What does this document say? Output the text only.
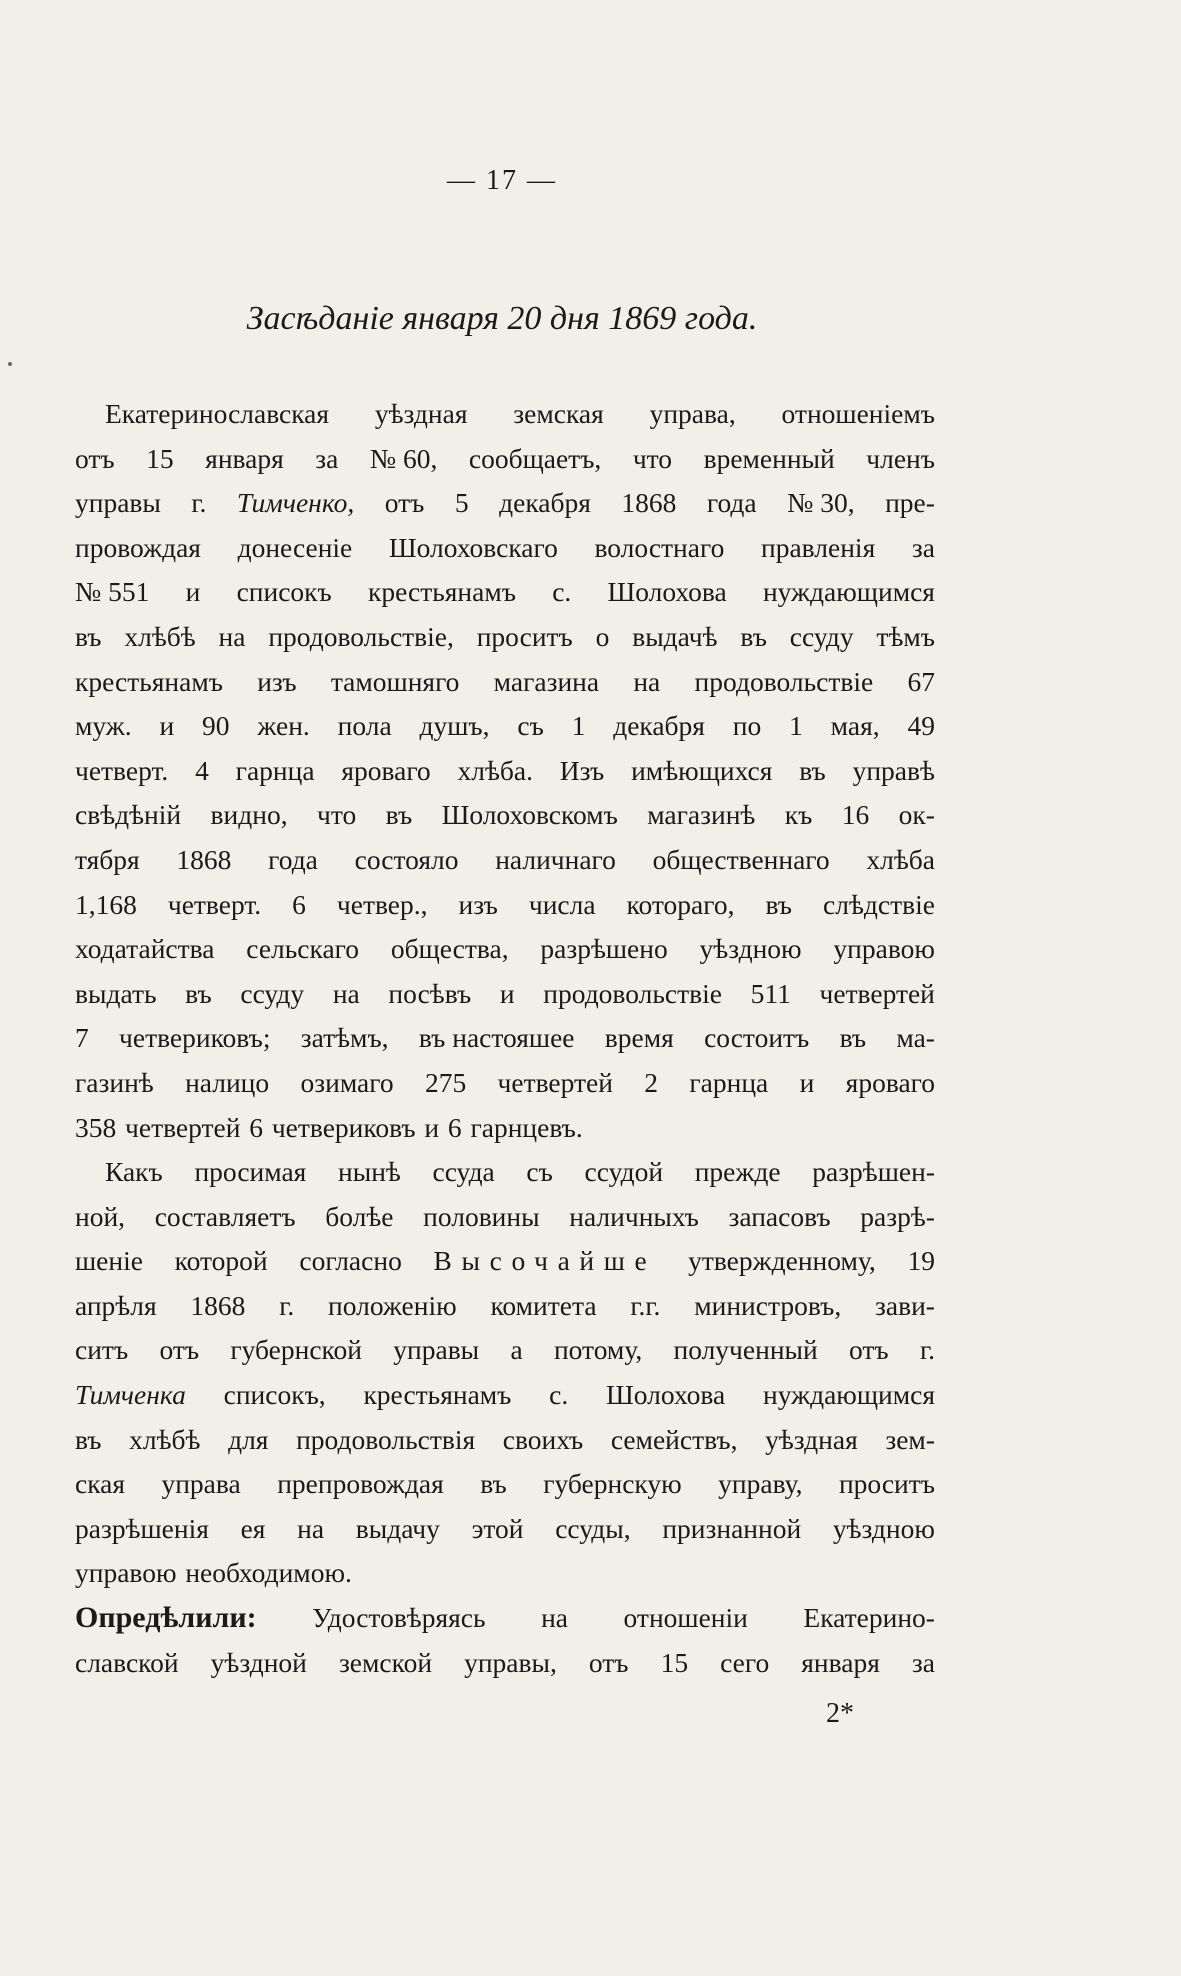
— 17 —
Засѣданіе января 20 дня 1869 года.
Екатеринославская уѣздная земская управа, отношеніемъ
отъ 15 января за № 60, сообщаетъ, что временный членъ
управы г. Тимченко, отъ 5 декабря 1868 года № 30, пре-
провождая донесеніе Шолоховскаго волостнаго правленія за
№ 551 и списокъ крестьянамъ с. Шолохова нуждающимся
въ хлѣбѣ на продовольствіе, проситъ о выдачѣ въ ссуду тѣмъ
крестьянамъ изъ тамошняго магазина на продовольствіе 67
муж. и 90 жен. пола душъ, съ 1 декабря по 1 мая, 49
четверт. 4 гарнца яроваго хлѣба. Изъ имѣющихся въ управѣ
свѣдѣній видно, что въ Шолоховскомъ магазинѣ къ 16 ок-
тября 1868 года состояло наличнаго общественнаго хлѣба
1,168 четверт. 6 четвер., изъ числа котораго, въ слѣдствіе
ходатайства сельскаго общества, разрѣшено уѣздною управою
выдать въ ссуду на посѣвъ и продовольствіе 511 четвертей
7 четвериковъ; затѣмъ, въ настояшее время состоитъ въ ма-
газинѣ налицо озимаго 275 четвертей 2 гарнца и яроваго
358 четвертей 6 четвериковъ и 6 гарнцевъ.
Какъ просимая нынѣ ссуда съ ссудой прежде разрѣшен-
ной, составляетъ болѣе половины наличныхъ запасовъ разрѣ-
шеніе которой согласно Высочайше утвержденному, 19
апрѣля 1868 г. положенію комитета г.г. министровъ, зави-
ситъ отъ губернской управы а потому, полученный отъ г.
Тимченка списокъ, крестьянамъ с. Шолохова нуждающимся
въ хлѣбѣ для продовольствія своихъ семействъ, уѣздная зем-
ская управа препровождая въ губернскую управу, проситъ
разрѣшенія ея на выдачу этой ссуды, признанной уѣздною
управою необходимою.
Опредѣлили: Удостовѣряясь на отношеніи Екатерино-
славской уѣздной земской управы, отъ 15 сего января за
2*
